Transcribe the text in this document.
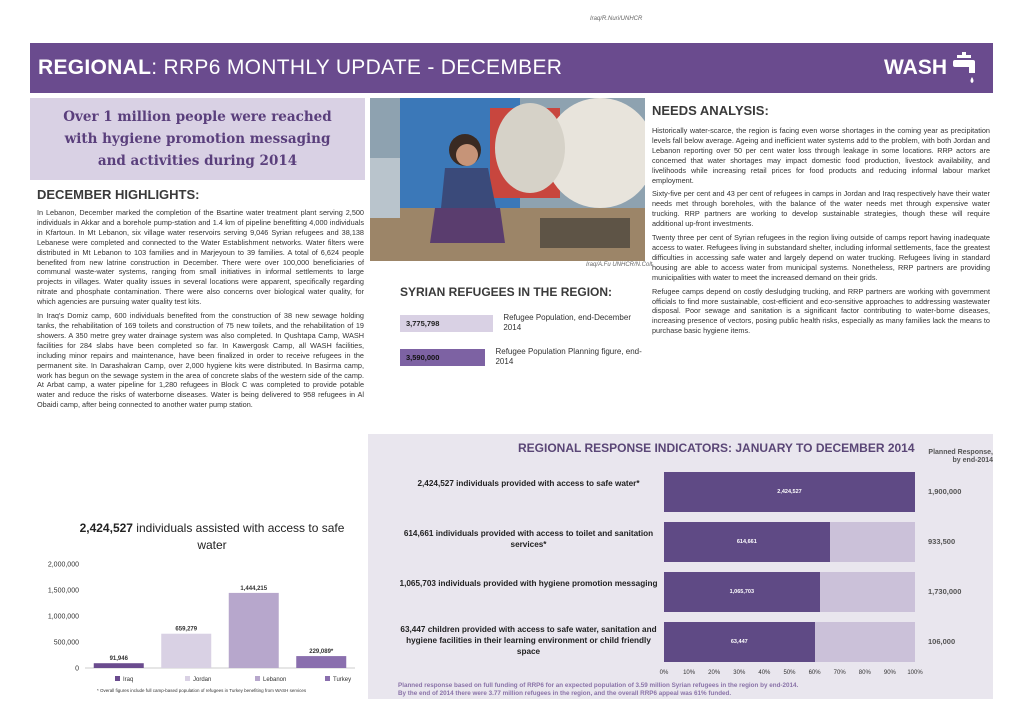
REGIONAL: RRP6 MONTHLY UPDATE - DECEMBER	WASH
Iraq/R.Nuri/UNHCR

Over 1 million people were reached with hygiene promotion messaging and activities during 2014

Iraq/A.Fu UNHCR/N.Colt
DECEMBER HIGHLIGHTS:

In Lebanon, December marked the completion of the Bsartine water treatment plant serving 2,500 individuals in Akkar and a borehole pump-station and 1.4 km of pipeline benefitting 4,000 individuals in Kfartoun. In Mt Lebanon, six village water reservoirs serving 9,046 Syrian refugees and 38,138 Lebanese were completed and connected to the Water Establishment networks. Water filters were distributed in Mt Lebanon to 103 families and in Marjeyoun to 39 families. A total of 6,624 people benefited from new latrine construction in December. There were over 100,000 beneficiaries of communal waste-water systems, ranging from small initiatives in informal settlements to large projects in villages. Water quality issues in several locations were apparent, specifically regarding nitrate and phosphate contamination. There were also concerns over biological water quality, for which agencies are pursuing water quality test kits.

In Iraq's Domiz camp, 600 individuals benefited from the construction of 38 new sewage holding tanks, the rehabilitation of 169 toilets and construction of 75 new toilets, and the rehabilitation of 19 showers. A 350 metre grey water drainage system was also completed. In Qushtapa Camp, WASH facilities for 284 slabs have been completed so far. In Kawergosk Camp, all WASH facilities, including minor repairs and maintenance, have been finalized in order to receive refugees in the permanent site. In Darashakran Camp, over 2,000 hygiene kits were distributed. In Basirma camp, work has begun on the sewage system in the area of concrete slabs of the western side of the camp. At Arbat camp, a water pipeline for 1,280 refugees in Block C was completed to provide potable water and reduce the risks of waterborne diseases. Water is being delivered to 958 refugees in Al Obaidi camp, after being connected to another water pump station.

NEEDS ANALYSIS:

Historically water-scarce, the region is facing even worse shortages in the coming year as precipitation levels fall below average. Ageing and inefficient water systems add to the problem, with both Jordan and Lebanon reporting over 50 per cent water loss through leakage in some locations. RRP actors are concerned that water shortages may impact domestic food production, livestock availability, and livelihoods while increasing retail prices for food products and reducing informal labour market employment.

Sixty-five per cent and 43 per cent of refugees in camps in Jordan and Iraq respectively have their water needs met through boreholes, with the balance of the water needs met through expensive water trucking. RRP partners are working to develop sustainable strategies, though these will require additional up-front investments.

Twenty three per cent of Syrian refugees in the region living outside of camps report having inadequate access to water. Refugees living in substandard shelter, including informal settlements, face the greatest difficulties in accessing safe water and largely depend on water trucking. Refugees living in standard housing are able to access water from municipal systems. Nonetheless, RRP partners are providing municipalities with water to meet the increased demand on their grids.

Refugee camps depend on costly desludging trucking, and RRP partners are working with government officials to find more sustainable, cost-efficient and eco-sensitive approaches to addressing wastewater disposal. Poor sewage and sanitation is a significant factor contributing to water-borne diseases, increasing presence of vectors, posing public health risks, especially as many families lack the means to purchase basic hygiene items.

SYRIAN REFUGEES IN THE REGION:
3,775,798
Refugee Population, end-December 2014
3,590,000
Refugee Population Planning figure, end-2014
REGIONAL RESPONSE INDICATORS: JANUARY TO DECEMBER 2014	Planned Response, by end-2014
2,424,527 individuals provided with access to safe water*
2,424,527	1,900,000
614,661 individuals provided with access to toilet and sanitation services*	614,661	933,500
1,065,703 individuals provided with hygiene promotion messaging
1,065,703	1,730,000
63,447 children provided with access to safe water, sanitation and hygiene facilities in their learning environment or child friendly space
63,447	106,000
0% 10% 20% 30% 40% 50% 60% 70% 80% 90% 100%
Planned response based on full funding of RRP6 for an expected population of 3.59 million Syrian refugees in the region by end-2014.
By the end of 2014 there were 3.77 million refugees in the region, and the overall RRP6 appeal was 61% funded.
2,424,527 individuals assisted with access to safe water
0
500,000
1,000,000
1,500,000
2,000,000
91,946
659,279
1,444,215
229,089*
Iraq	Jordan	Lebanon	Turkey
* Overall figures include full camp-based population of refugees in Turkey benefiting from WASH services
